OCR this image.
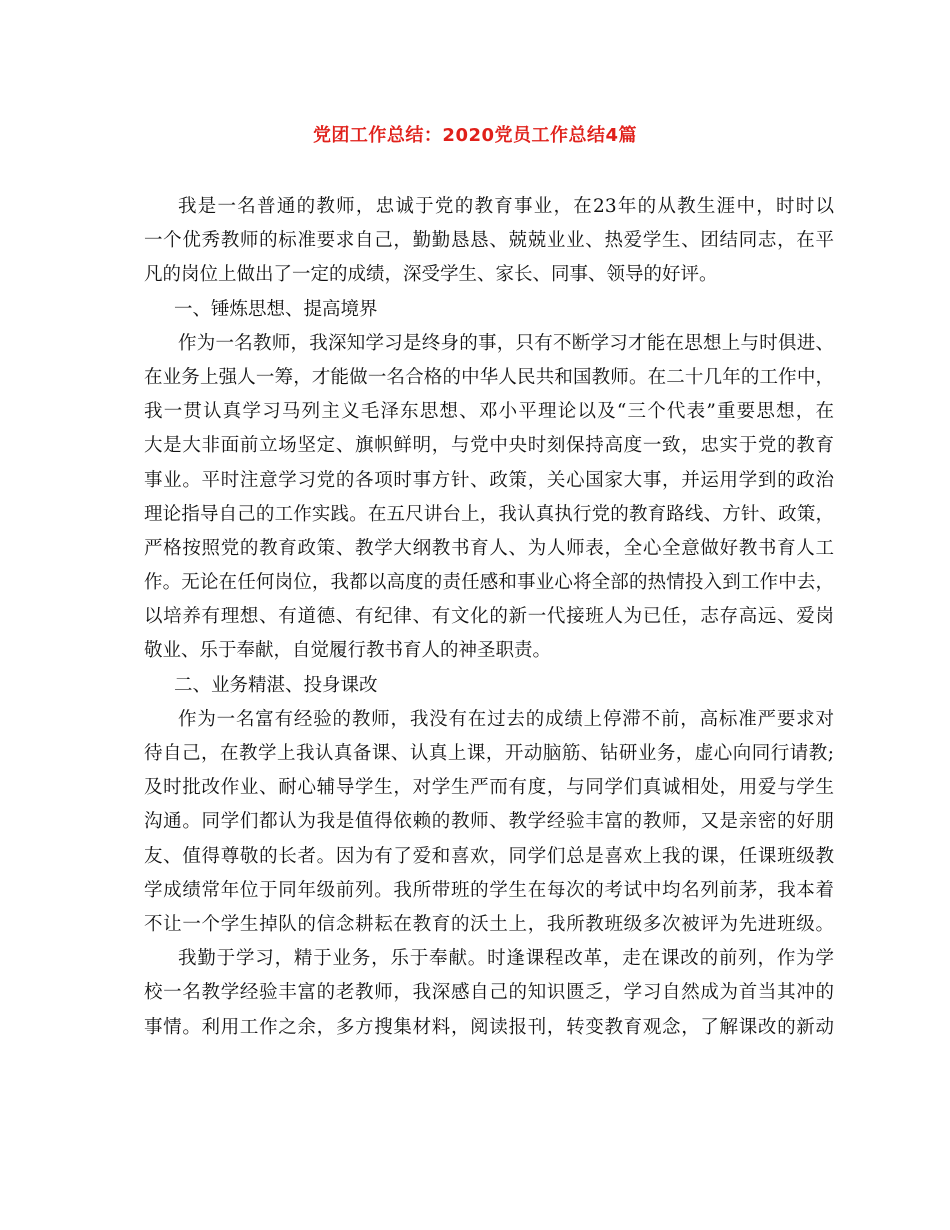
党团工作总结：2020党员工作总结4篇
我是一名普通的教师，忠诚于党的教育事业，在23年的从教生涯中，时时以
一个优秀教师的标准要求自己，勤勤恳恳、兢兢业业、热爱学生、团结同志，在平
凡的岗位上做出了一定的成绩，深受学生、家长、同事、领导的好评。
一、锤炼思想、提高境界
作为一名教师，我深知学习是终身的事，只有不断学习才能在思想上与时俱进、
在业务上强人一筹，才能做一名合格的中华人民共和国教师。在二十几年的工作中，
我一贯认真学习马列主义毛泽东思想、邓小平理论以及“三个代表”重要思想，在
大是大非面前立场坚定、旗帜鲜明，与党中央时刻保持高度一致，忠实于党的教育
事业。平时注意学习党的各项时事方针、政策，关心国家大事，并运用学到的政治
理论指导自己的工作实践。在五尺讲台上，我认真执行党的教育路线、方针、政策，
严格按照党的教育政策、教学大纲教书育人、为人师表，全心全意做好教书育人工
作。无论在任何岗位，我都以高度的责任感和事业心将全部的热情投入到工作中去，
以培养有理想、有道德、有纪律、有文化的新一代接班人为已任，志存高远、爱岗
敬业、乐于奉献，自觉履行教书育人的神圣职责。
二、业务精湛、投身课改
作为一名富有经验的教师，我没有在过去的成绩上停滞不前，高标准严要求对
待自己，在教学上我认真备课、认真上课，开动脑筋、钻研业务，虚心向同行请教;
及时批改作业、耐心辅导学生，对学生严而有度，与同学们真诚相处，用爱与学生
沟通。同学们都认为我是值得依赖的教师、教学经验丰富的教师，又是亲密的好朋
友、值得尊敬的长者。因为有了爱和喜欢，同学们总是喜欢上我的课，任课班级教
学成绩常年位于同年级前列。我所带班的学生在每次的考试中均名列前茅，我本着
不让一个学生掉队的信念耕耘在教育的沃土上，我所教班级多次被评为先进班级。
我勤于学习，精于业务，乐于奉献。时逢课程改革，走在课改的前列，作为学
校一名教学经验丰富的老教师，我深感自己的知识匮乏，学习自然成为首当其冲的
事情。利用工作之余，多方搜集材料，阅读报刊，转变教育观念，了解课改的新动
